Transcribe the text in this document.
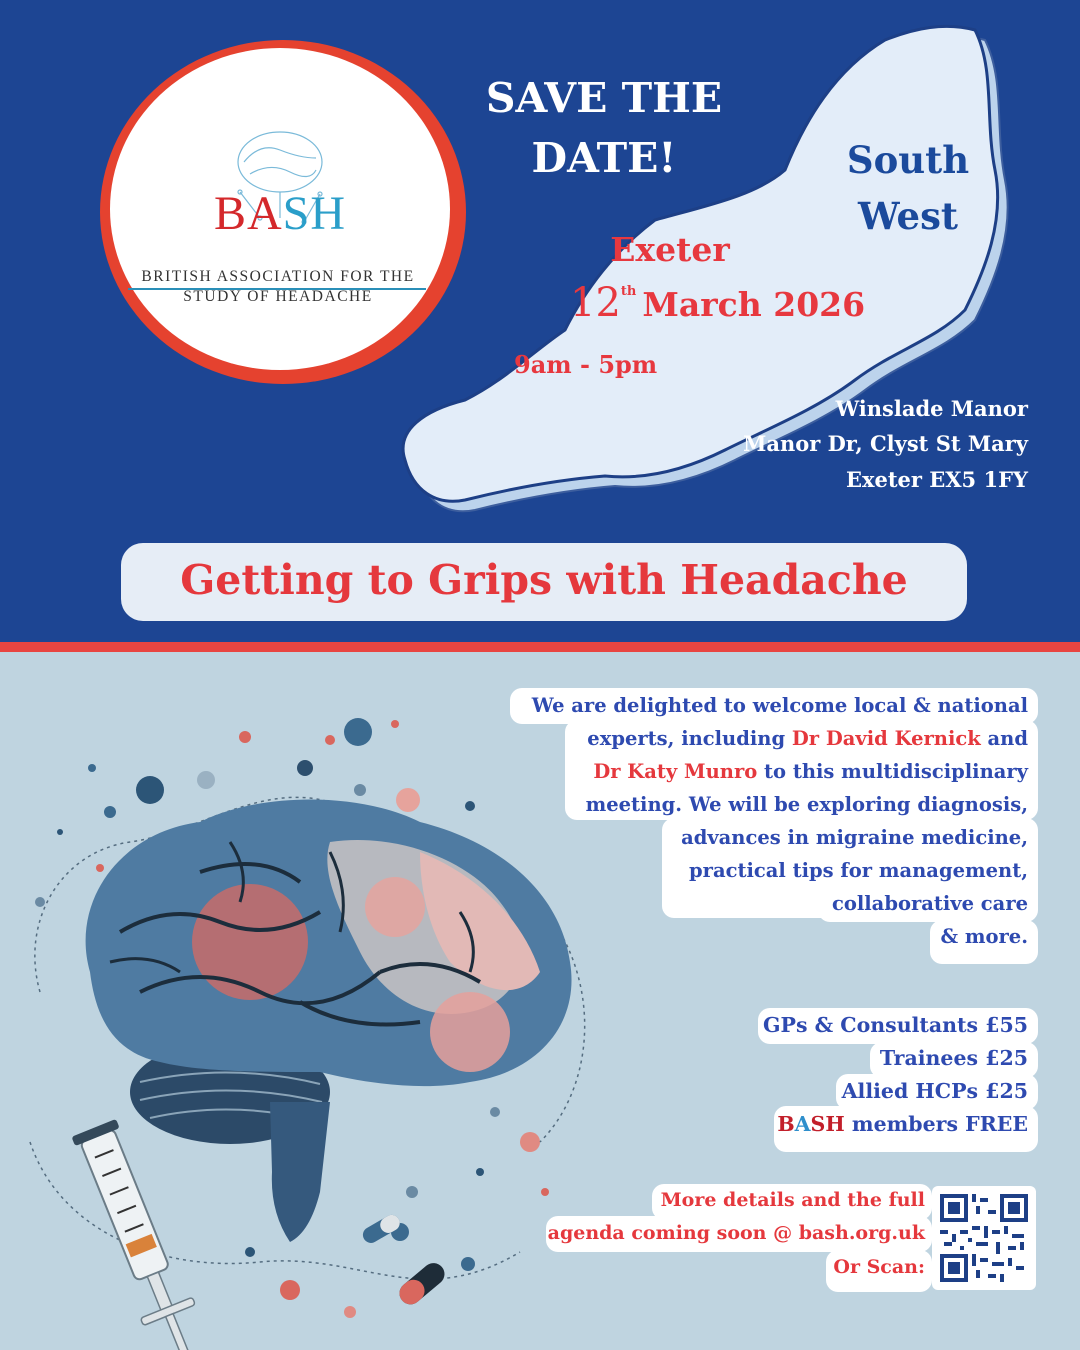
BASH
BRITISH ASSOCIATION FOR THE
STUDY OF HEADACHE
SAVE THE
DATE!	South
West
Exeter
12th March 2026
9am - 5pm
Winslade Manor
Manor Dr, Clyst St Mary
Exeter EX5 1FY
Getting to Grips with Headache
We are delighted to welcome local & national
experts, including Dr David Kernick and
Dr Katy Munro to this multidisciplinary
meeting. We will be exploring diagnosis,
advances in migraine medicine,
practical tips for management,
collaborative care
& more.
GPs & Consultants £55
Trainees £25
Allied HCPs £25
BASH members FREE
More details and the full
agenda coming soon @ bash.org.uk
Or Scan:
